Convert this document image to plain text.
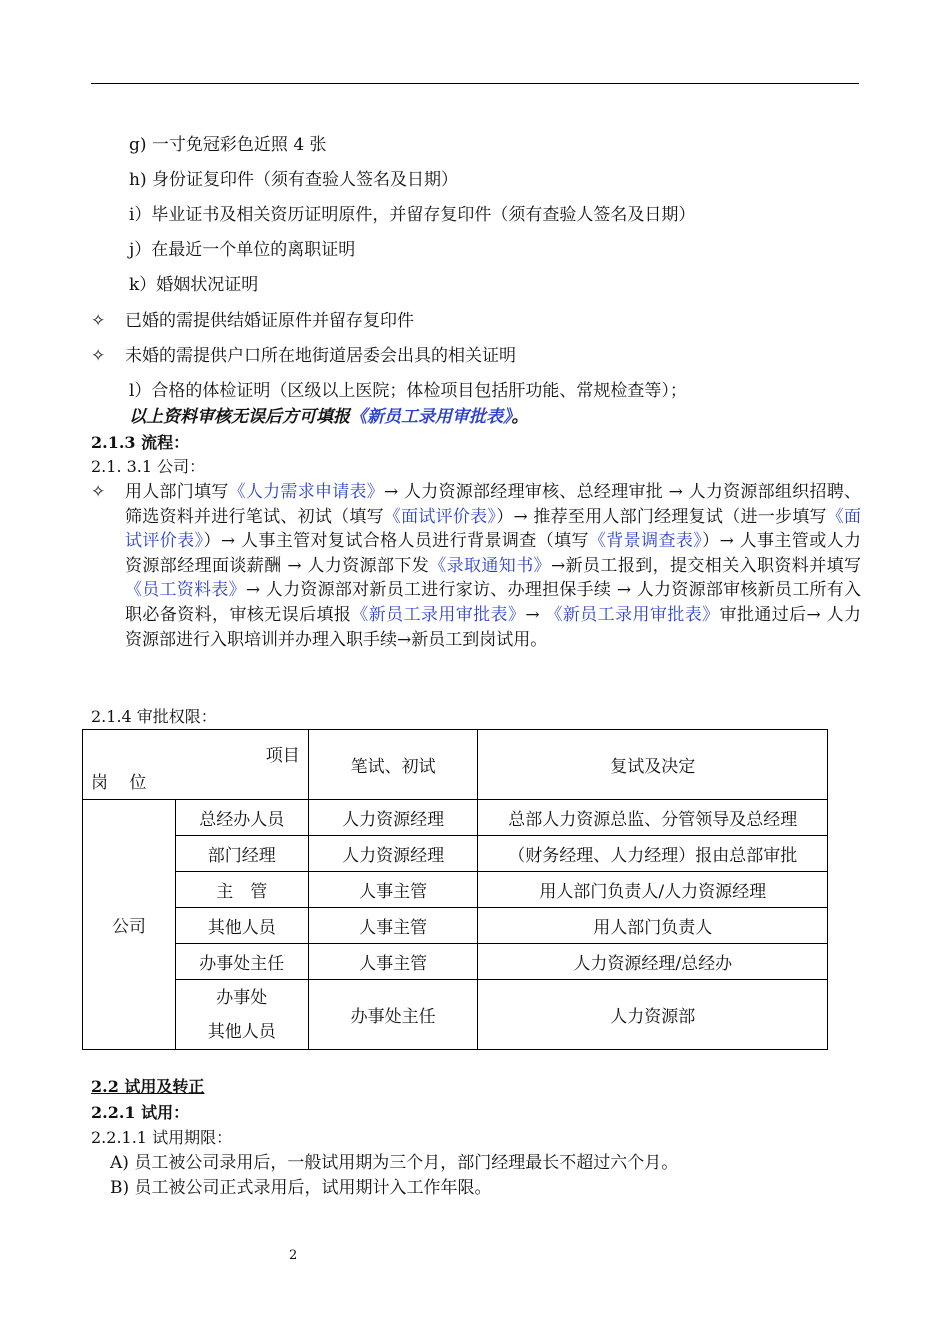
g) 一寸免冠彩色近照 4 张
h) 身份证复印件（须有查验人签名及日期）
i）毕业证书及相关资历证明原件，并留存复印件（须有查验人签名及日期）
j）在最近一个单位的离职证明
k）婚姻状况证明
✧ 已婚的需提供结婚证原件并留存复印件
✧ 未婚的需提供户口所在地街道居委会出具的相关证明
l）合格的体检证明（区级以上医院；体检项目包括肝功能、常规检查等）；
以上资料审核无误后方可填报《新员工录用审批表》。
2.1.3 流程：
2.1. 3.1 公司：
✧	用人部门填写《人力需求申请表》→ 人力资源部经理审核、总经理审批 → 人力资源部组织招聘、筛选资料并进行笔试、初试（填写《面试评价表》）→ 推荐至用人部门经理复试（进一步填写《面试评价表》）→ 人事主管对复试合格人员进行背景调查（填写《背景调查表》）→ 人事主管或人力资源部经理面谈薪酬 → 人力资源部下发《录取通知书》→新员工报到，提交相关入职资料并填写《员工资料表》→ 人力资源部对新员工进行家访、办理担保手续 → 人力资源部审核新员工所有入职必备资料，审核无误后填报《新员工录用审批表》→ 《新员工录用审批表》审批通过后→ 人力资源部进行入职培训并办理入职手续→新员工到岗试用。
2.1.4 审批权限：
项目
岗 位		笔试、初试	复试及决定
公司	总经办人员	人力资源经理	总部人力资源总监、分管领导及总经理
	部门经理	人力资源经理	（财务经理、人力经理）报由总部审批
	主　管	人事主管	用人部门负责人/人力资源经理
	其他人员	人事主管	用人部门负责人
	办事处主任	人事主管	人力资源经理/总经办

	办事处
其他人员	办事处主任	人力资源部
2.2 试用及转正
2.2.1 试用：
2.2.1.1 试用期限：
A) 员工被公司录用后，一般试用期为三个月，部门经理最长不超过六个月。
B) 员工被公司正式录用后，试用期计入工作年限。
2
